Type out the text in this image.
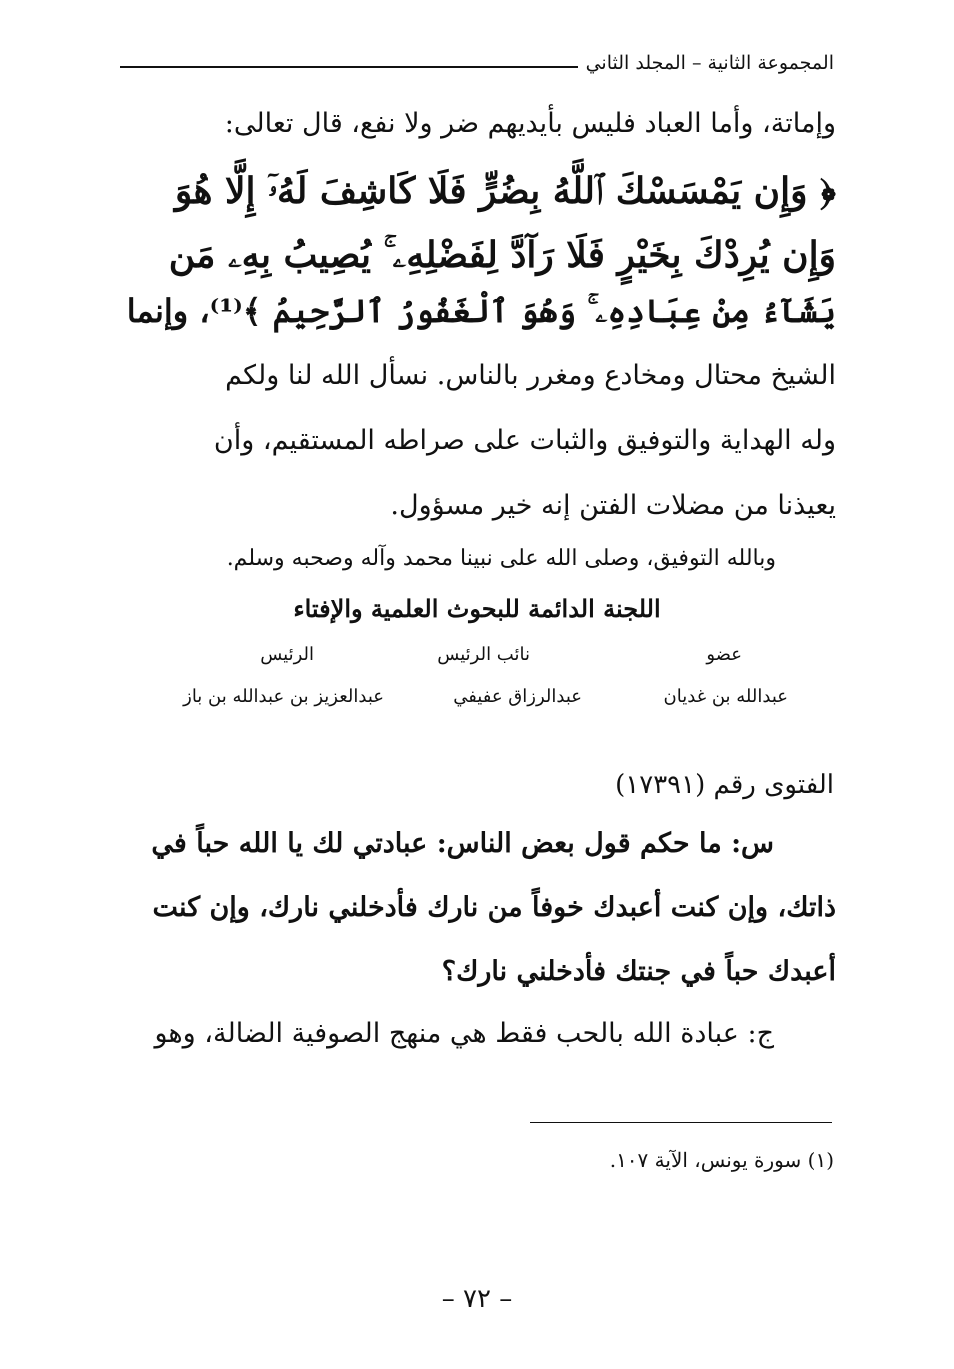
المجموعة الثانية – المجلد الثاني
وإماتة، وأما العباد فليس بأيديهم ضر ولا نفع، قال تعالى:
﴿ وَإِن يَمْسَسْكَ ٱللَّهُ بِضُرٍّ فَلَا كَاشِفَ لَهُۥٓ إِلَّا هُوَ
وَإِن يُرِدْكَ بِخَيْرٍ فَلَا رَآدَّ لِفَضْلِهِۦ ۚ يُصِيبُ بِهِۦ مَن
يَشَآءُ مِنْ عِبَادِهِۦ ۚ وَهُوَ ٱلْغَفُورُ ٱلرَّحِيمُ ﴾⁽¹⁾، وإنما
الشيخ محتال ومخادع ومغرر بالناس. نسأل الله لنا ولكم
وله الهداية والتوفيق والثبات على صراطه المستقيم، وأن
يعيذنا من مضلات الفتن إنه خير مسؤول.
وبالله التوفيق، وصلى الله على نبينا محمد وآله وصحبه وسلم.
اللجنة الدائمة للبحوث العلمية والإفتاء
عضو
نائب الرئيس
الرئيس
عبدالله بن غديان
عبدالرزاق عفيفي
عبدالعزيز بن عبدالله بن باز
الفتوى رقم (١٧٣٩١)
س: ما حكم قول بعض الناس: عبادتي لك يا الله حباً في
ذاتك، وإن كنت أعبدك خوفاً من نارك فأدخلني نارك، وإن كنت
أعبدك حباً في جنتك فأدخلني نارك؟
ج: عبادة الله بالحب فقط هي منهج الصوفية الضالة، وهو
(١) سورة يونس، الآية ١٠٧.
– ٧٢ –
